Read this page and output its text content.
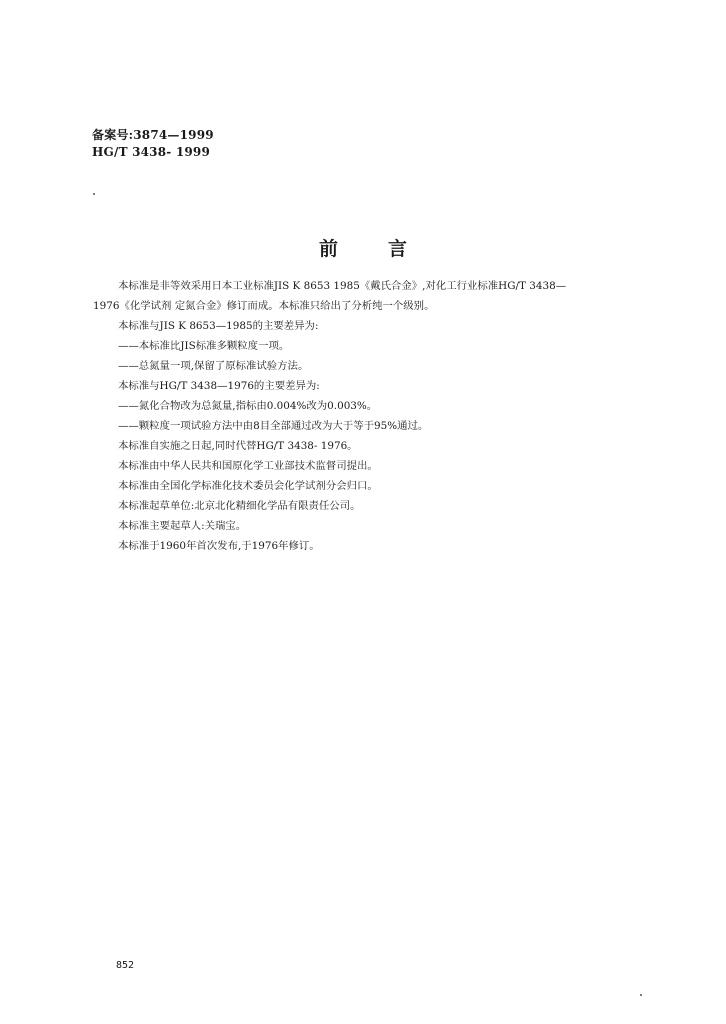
备案号:3874—1999
HG/T 3438- 1999
前言

本标准是非等效采用日本工业标准JIS K 8653 1985《戴氏合金》,对化工行业标准HG/T 3438—

1976《化学试剂 定氮合金》修订而成。本标准只给出了分析纯一个级别。

本标准与JIS K 8653—1985的主要差异为:

——本标准比JIS标准多颗粒度一项。

——总氮量一项,保留了原标准试验方法。

本标准与HG/T 3438—1976的主要差异为:

——氮化合物改为总氮量,指标由0.004%改为0.003%。

——颗粒度一项试验方法中由8目全部通过改为大于等于95%通过。

本标准自实施之日起,同时代替HG/T 3438- 1976。

本标准由中华人民共和国原化学工业部技术监督司提出。

本标准由全国化学标准化技术委员会化学试剂分会归口。

本标准起草单位:北京北化精细化学品有限责任公司。

本标准主要起草人:关瑞宝。

本标准于1960年首次发布,于1976年修订。

852
